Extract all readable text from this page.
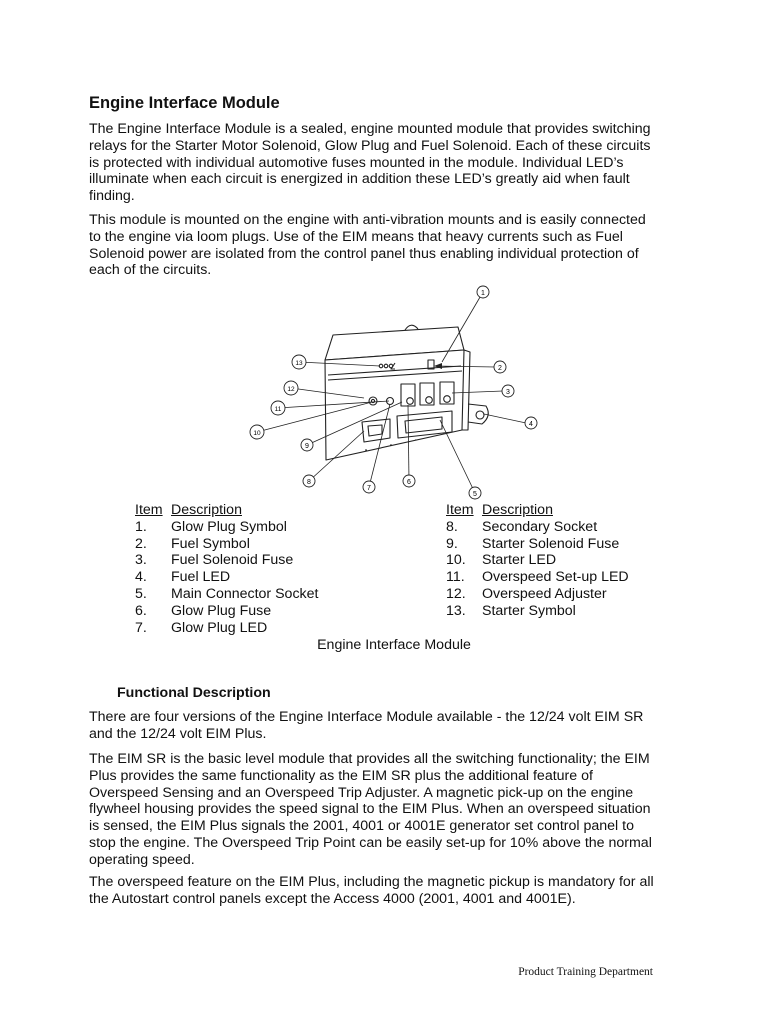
Engine Interface Module

The Engine Interface Module is a sealed, engine mounted module that provides switching relays for the Starter Motor Solenoid, Glow Plug and Fuel Solenoid. Each of these circuits is protected with individual automotive fuses mounted in the module. Individual LED’s illuminate when each circuit is energized in addition these LED’s greatly aid when fault finding.

This module is mounted on the engine with anti-vibration mounts and is easily connected to the engine via loom plugs. Use of the EIM means that heavy currents such as Fuel Solenoid power are isolated from the control panel thus enabling individual protection of each of the circuits.

1
2
3
4
5
6
7
8
9
10
11
12
13
Item Description
1.	Glow Plug Symbol
2.	Fuel Symbol
3.	Fuel Solenoid Fuse
4.	Fuel LED
5.	Main Connector Socket
6.	Glow Plug Fuse
7.	Glow Plug LED
Item Description
8.	Secondary Socket
9.	Starter Solenoid Fuse
10.	Starter LED
11.	Overspeed Set-up LED
12.	Overspeed Adjuster
13.	Starter Symbol
Engine Interface Module
Functional Description

There are four versions of the Engine Interface Module available - the 12/24 volt EIM SR and the 12/24 volt EIM Plus.

The EIM SR is the basic level module that provides all the switching functionality; the EIM Plus provides the same functionality as the EIM SR plus the additional feature of Overspeed Sensing and an Overspeed Trip Adjuster. A magnetic pick-up on the engine flywheel housing provides the speed signal to the EIM Plus. When an overspeed situation is sensed, the EIM Plus signals the 2001, 4001 or 4001E generator set control panel to stop the engine. The Overspeed Trip Point can be easily set-up for 10% above the normal operating speed.

The overspeed feature on the EIM Plus, including the magnetic pickup is mandatory for all the Autostart control panels except the Access 4000 (2001, 4001 and 4001E).

Product Training Department
